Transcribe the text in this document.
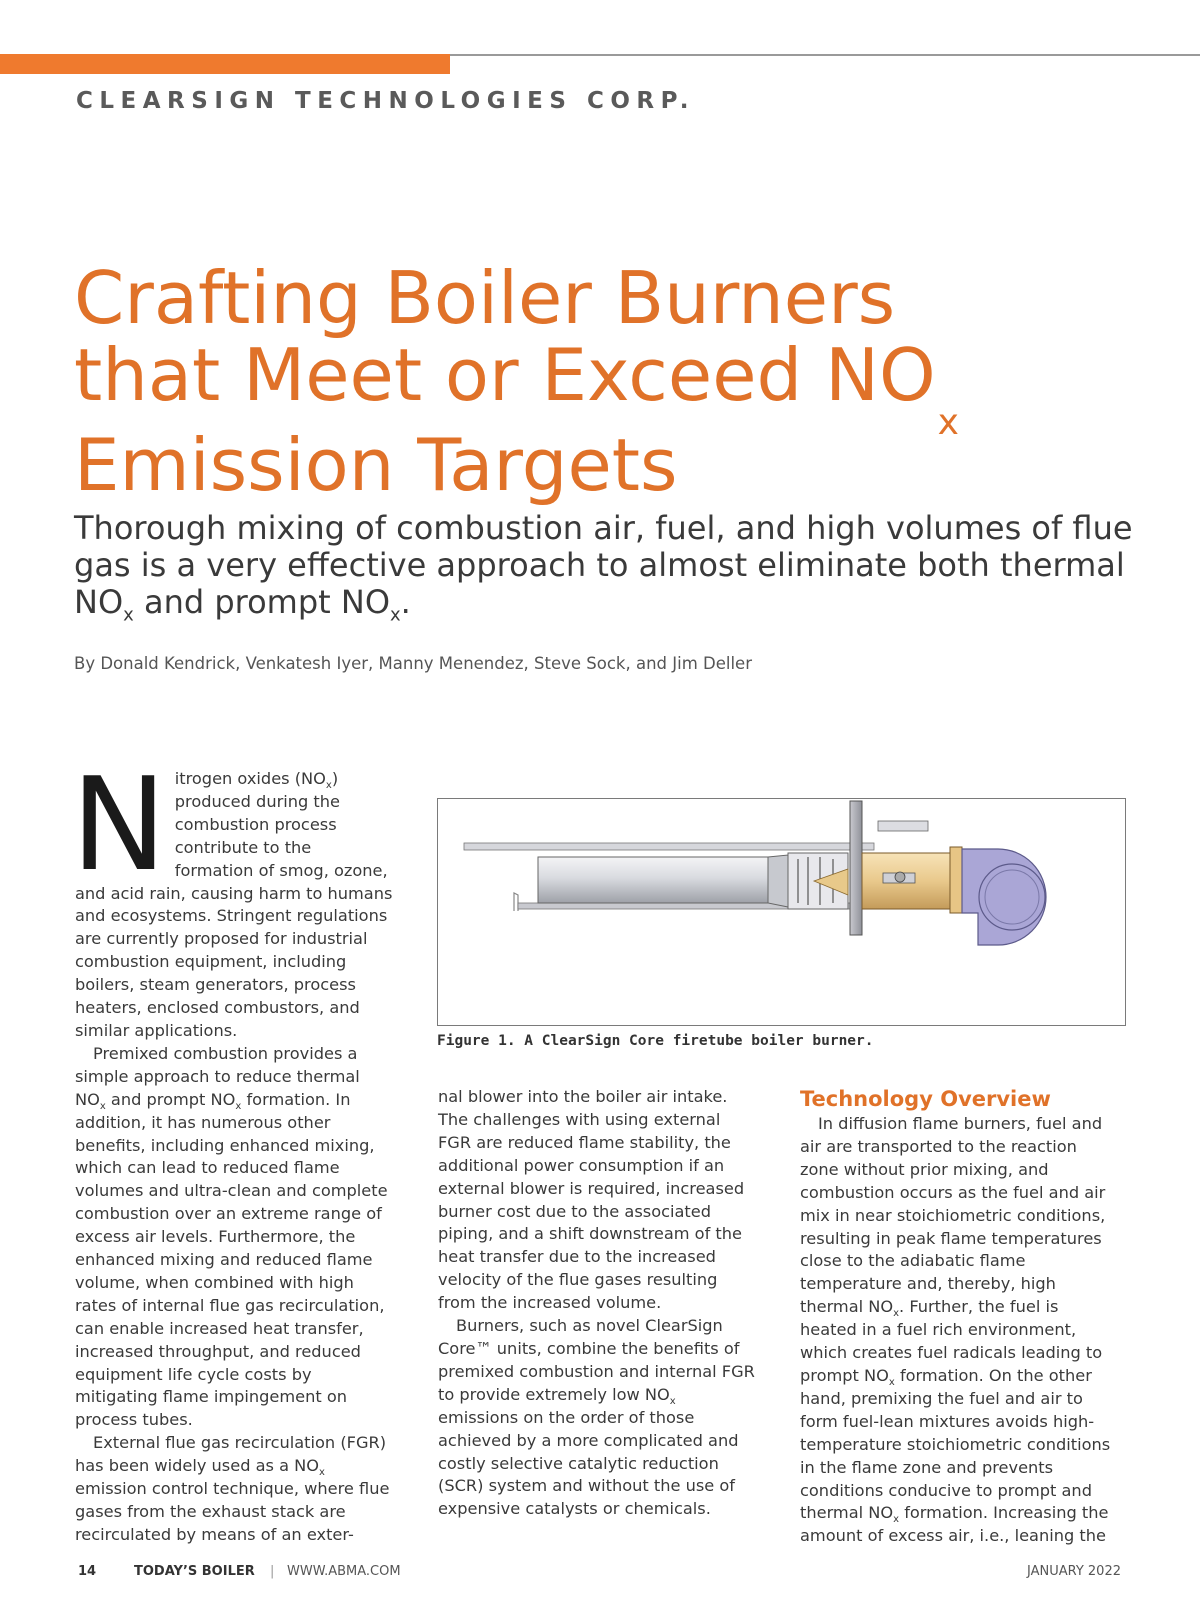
CLEARSIGN TECHNOLOGIES CORP.
Crafting Boiler Burners
that Meet or Exceed $NO_x$
Emission Targets
Thorough mixing of combustion air, fuel, and high volumes of flue gas is a very effective approach to almost eliminate both thermal $NO_x$ and prompt $NO_x$.
By Donald Kendrick, Venkatesh Iyer, Manny Menendez, Steve Sock, and Jim Deller

Nitrogen oxides $(NO_x)$ produced during the combustion process contribute to the formation of smog, ozone, and acid rain, causing harm to humans and ecosystems. Stringent regulations are currently proposed for industrial combustion equipment, including boilers, steam generators, process heaters, enclosed combustors, and similar applications.

Premixed combustion provides a simple approach to reduce thermal $NO_x$ and prompt $NO_x$ formation. In addition, it has numerous other benefits, including enhanced mixing, which can lead to reduced flame volumes and ultra-clean and complete combustion over an extreme range of excess air levels. Furthermore, the enhanced mixing and reduced flame volume, when combined with high rates of internal flue gas recirculation, can enable increased heat transfer, increased throughput, and reduced equipment life cycle costs by mitigating flame impingement on process tubes.

External flue gas recirculation (FGR) has been widely used as a $NO_x$ emission control technique, where flue gases from the exhaust stack are recirculated by means of an exter-

Figure 1. A ClearSign Core firetube boiler burner.

nal blower into the boiler air intake. The challenges with using external FGR are reduced flame stability, the additional power consumption if an external blower is required, increased burner cost due to the associated piping, and a shift downstream of the heat transfer due to the increased velocity of the flue gases resulting from the increased volume.

Burners, such as novel ClearSign Core™ units, combine the benefits of premixed combustion and internal FGR to provide extremely low $NO_x$ emissions on the order of those achieved by a more complicated and costly selective catalytic reduction (SCR) system and without the use of expensive catalysts or chemicals.

Technology Overview

In diffusion flame burners, fuel and air are transported to the reaction zone without prior mixing, and combustion occurs as the fuel and air mix in near stoichiometric conditions, resulting in peak flame temperatures close to the adiabatic flame temperature and, thereby, high thermal $NO_x$. Further, the fuel is heated in a fuel rich environment, which creates fuel radicals leading to prompt $NO_x$ formation. On the other hand, premixing the fuel and air to form fuel-lean mixtures avoids high-temperature stoichiometric conditions in the flame zone and prevents conditions conducive to prompt and thermal $NO_x$ formation. Increasing the amount of excess air, i.e., leaning the

14	TODAY’S BOILER | WWW.ABMA.COM	JANUARY 2022
